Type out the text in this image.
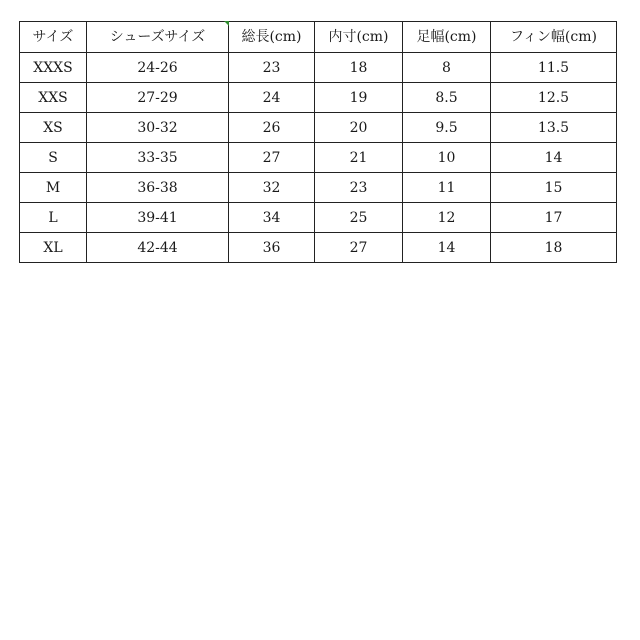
サイズ	シューズサイズ	総長(cm)	内寸(cm)	足幅(cm)	フィン幅(cm)
XXXS	24-26	23	18	8	11.5
XXS	27-29	24	19	8.5	12.5
XS	30-32	26	20	9.5	13.5
S	33-35	27	21	10	14
M	36-38	32	23	11	15
L	39-41	34	25	12	17
XL	42-44	36	27	14	18
